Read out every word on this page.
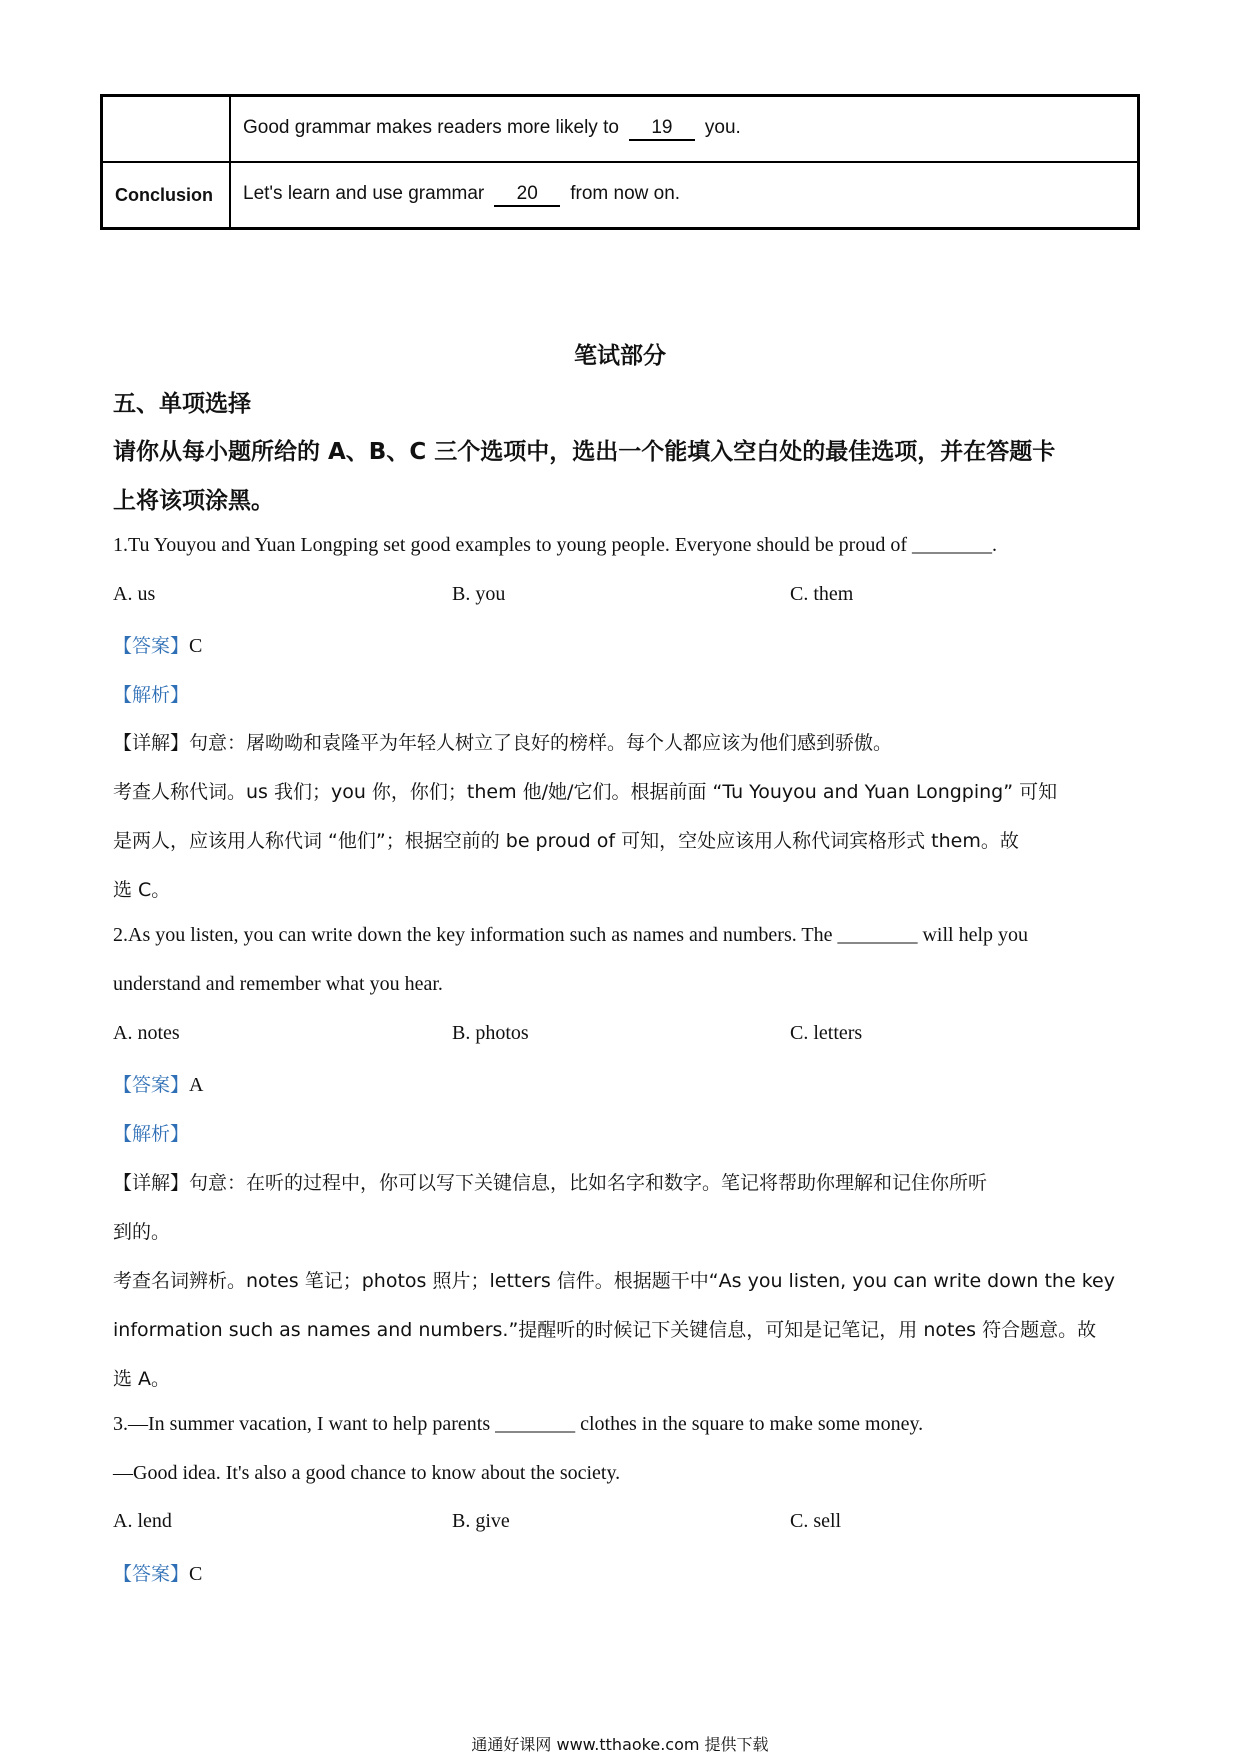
	Good grammar makes readers more likely to 19 you.
Conclusion	Let's learn and use grammar 20 from now on.
笔试部分
五、单项选择
请你从每小题所给的 A、B、C 三个选项中，选出一个能填入空白处的最佳选项，并在答题卡
上将该项涂黑。
1.Tu Youyou and Yuan Longping set good examples to young people. Everyone should be proud of ________.
A. us	B. you	C. them
【答案】C
【解析】
【详解】句意：屠呦呦和袁隆平为年轻人树立了良好的榜样。每个人都应该为他们感到骄傲。
考查人称代词。us 我们；you 你，你们；them 他/她/它们。根据前面 “Tu Youyou and Yuan Longping” 可知
是两人，应该用人称代词 “他们”；根据空前的 be proud of 可知，空处应该用人称代词宾格形式 them。故
选 C。
2.As you listen, you can write down the key information such as names and numbers. The ________ will help you
understand and remember what you hear.
A. notes	B. photos	C. letters
【答案】A
【解析】
【详解】句意：在听的过程中，你可以写下关键信息，比如名字和数字。笔记将帮助你理解和记住你所听
到的。
考查名词辨析。notes 笔记；photos 照片；letters 信件。根据题干中“As you listen, you can write down the key
information such as names and numbers.”提醒听的时候记下关键信息，可知是记笔记，用 notes 符合题意。故
选 A。
3.—In summer vacation, I want to help parents ________ clothes in the square to make some money.
—Good idea. It's also a good chance to know about the society.
A. lend	B. give	C. sell
【答案】C
通通好课网 www.tthaoke.com 提供下载
